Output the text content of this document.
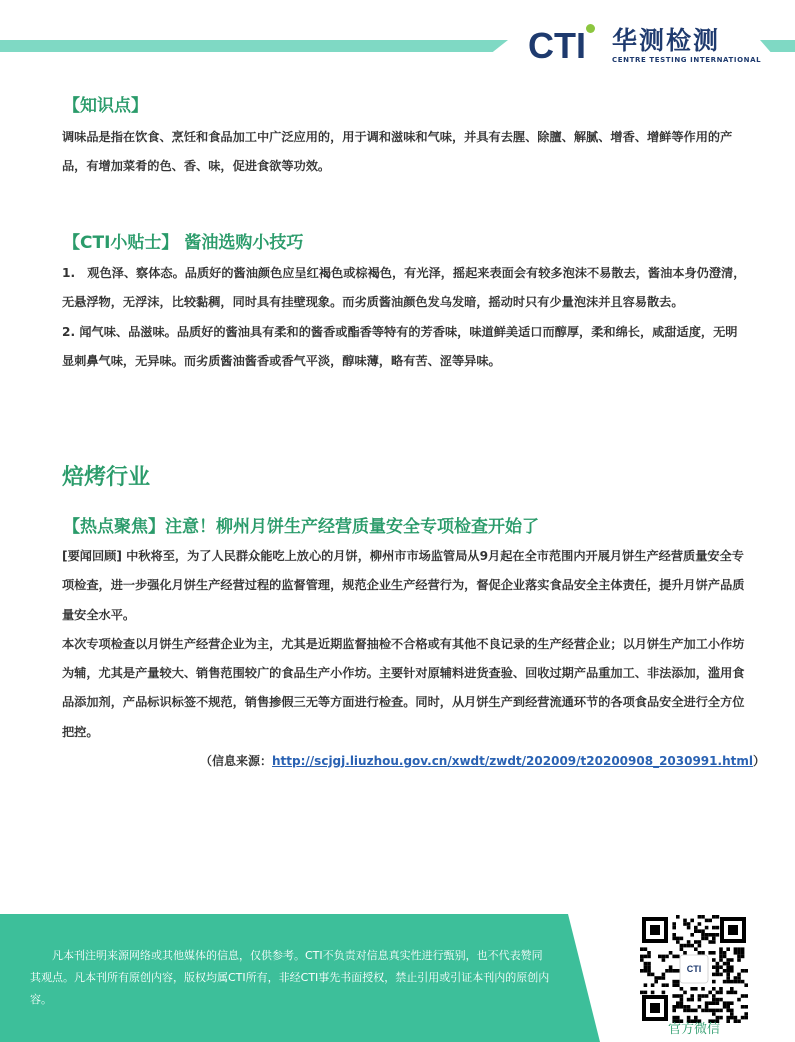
CTI 华测检测
CENTRE TESTING INTERNATIONAL
【知识点】

调味品是指在饮食、烹饪和食品加工中广泛应用的，用于调和滋味和气味，并具有去腥、除膻、解腻、增香、增鲜等作用的产品，有增加菜肴的色、香、味，促进食欲等功效。

【CTI小贴士】 酱油选购小技巧

1.　观色泽、察体态。品质好的酱油颜色应呈红褐色或棕褐色，有光泽，摇起来表面会有较多泡沫不易散去，酱油本身仍澄清，无悬浮物，无浮沫，比较黏稠，同时具有挂壁现象。而劣质酱油颜色发乌发暗，摇动时只有少量泡沫并且容易散去。

2. 闻气味、品滋味。品质好的酱油具有柔和的酱香或酯香等特有的芳香味，味道鲜美适口而醇厚，柔和绵长，咸甜适度，无明显刺鼻气味，无异味。而劣质酱油酱香或香气平淡，醇味薄，略有苦、涩等异味。

焙烤行业
【热点聚焦】注意！柳州月饼生产经营质量安全专项检查开始了

[要闻回顾] 中秋将至，为了人民群众能吃上放心的月饼，柳州市市场监管局从9月起在全市范围内开展月饼生产经营质量安全专项检查，进一步强化月饼生产经营过程的监督管理，规范企业生产经营行为，督促企业落实食品安全主体责任，提升月饼产品质量安全水平。

本次专项检查以月饼生产经营企业为主，尤其是近期监督抽检不合格或有其他不良记录的生产经营企业；以月饼生产加工小作坊为辅，尤其是产量较大、销售范围较广的食品生产小作坊。主要针对原辅料进货查验、回收过期产品重加工、非法添加，滥用食品添加剂，产品标识标签不规范，销售掺假三无等方面进行检查。同时，从月饼生产到经营流通环节的各项食品安全进行全方位把控。

（信息来源：http://scjgj.liuzhou.gov.cn/xwdt/zwdt/202009/t20200908_2030991.html）
凡本刊注明来源网络或其他媒体的信息，仅供参考。CTI不负责对信息真实性进行甄别，也不代表赞同其观点。凡本刊所有原创内容，版权均属CTI所有，非经CTI事先书面授权，禁止引用或引证本刊内的原创内容。
CTI
官方微信
